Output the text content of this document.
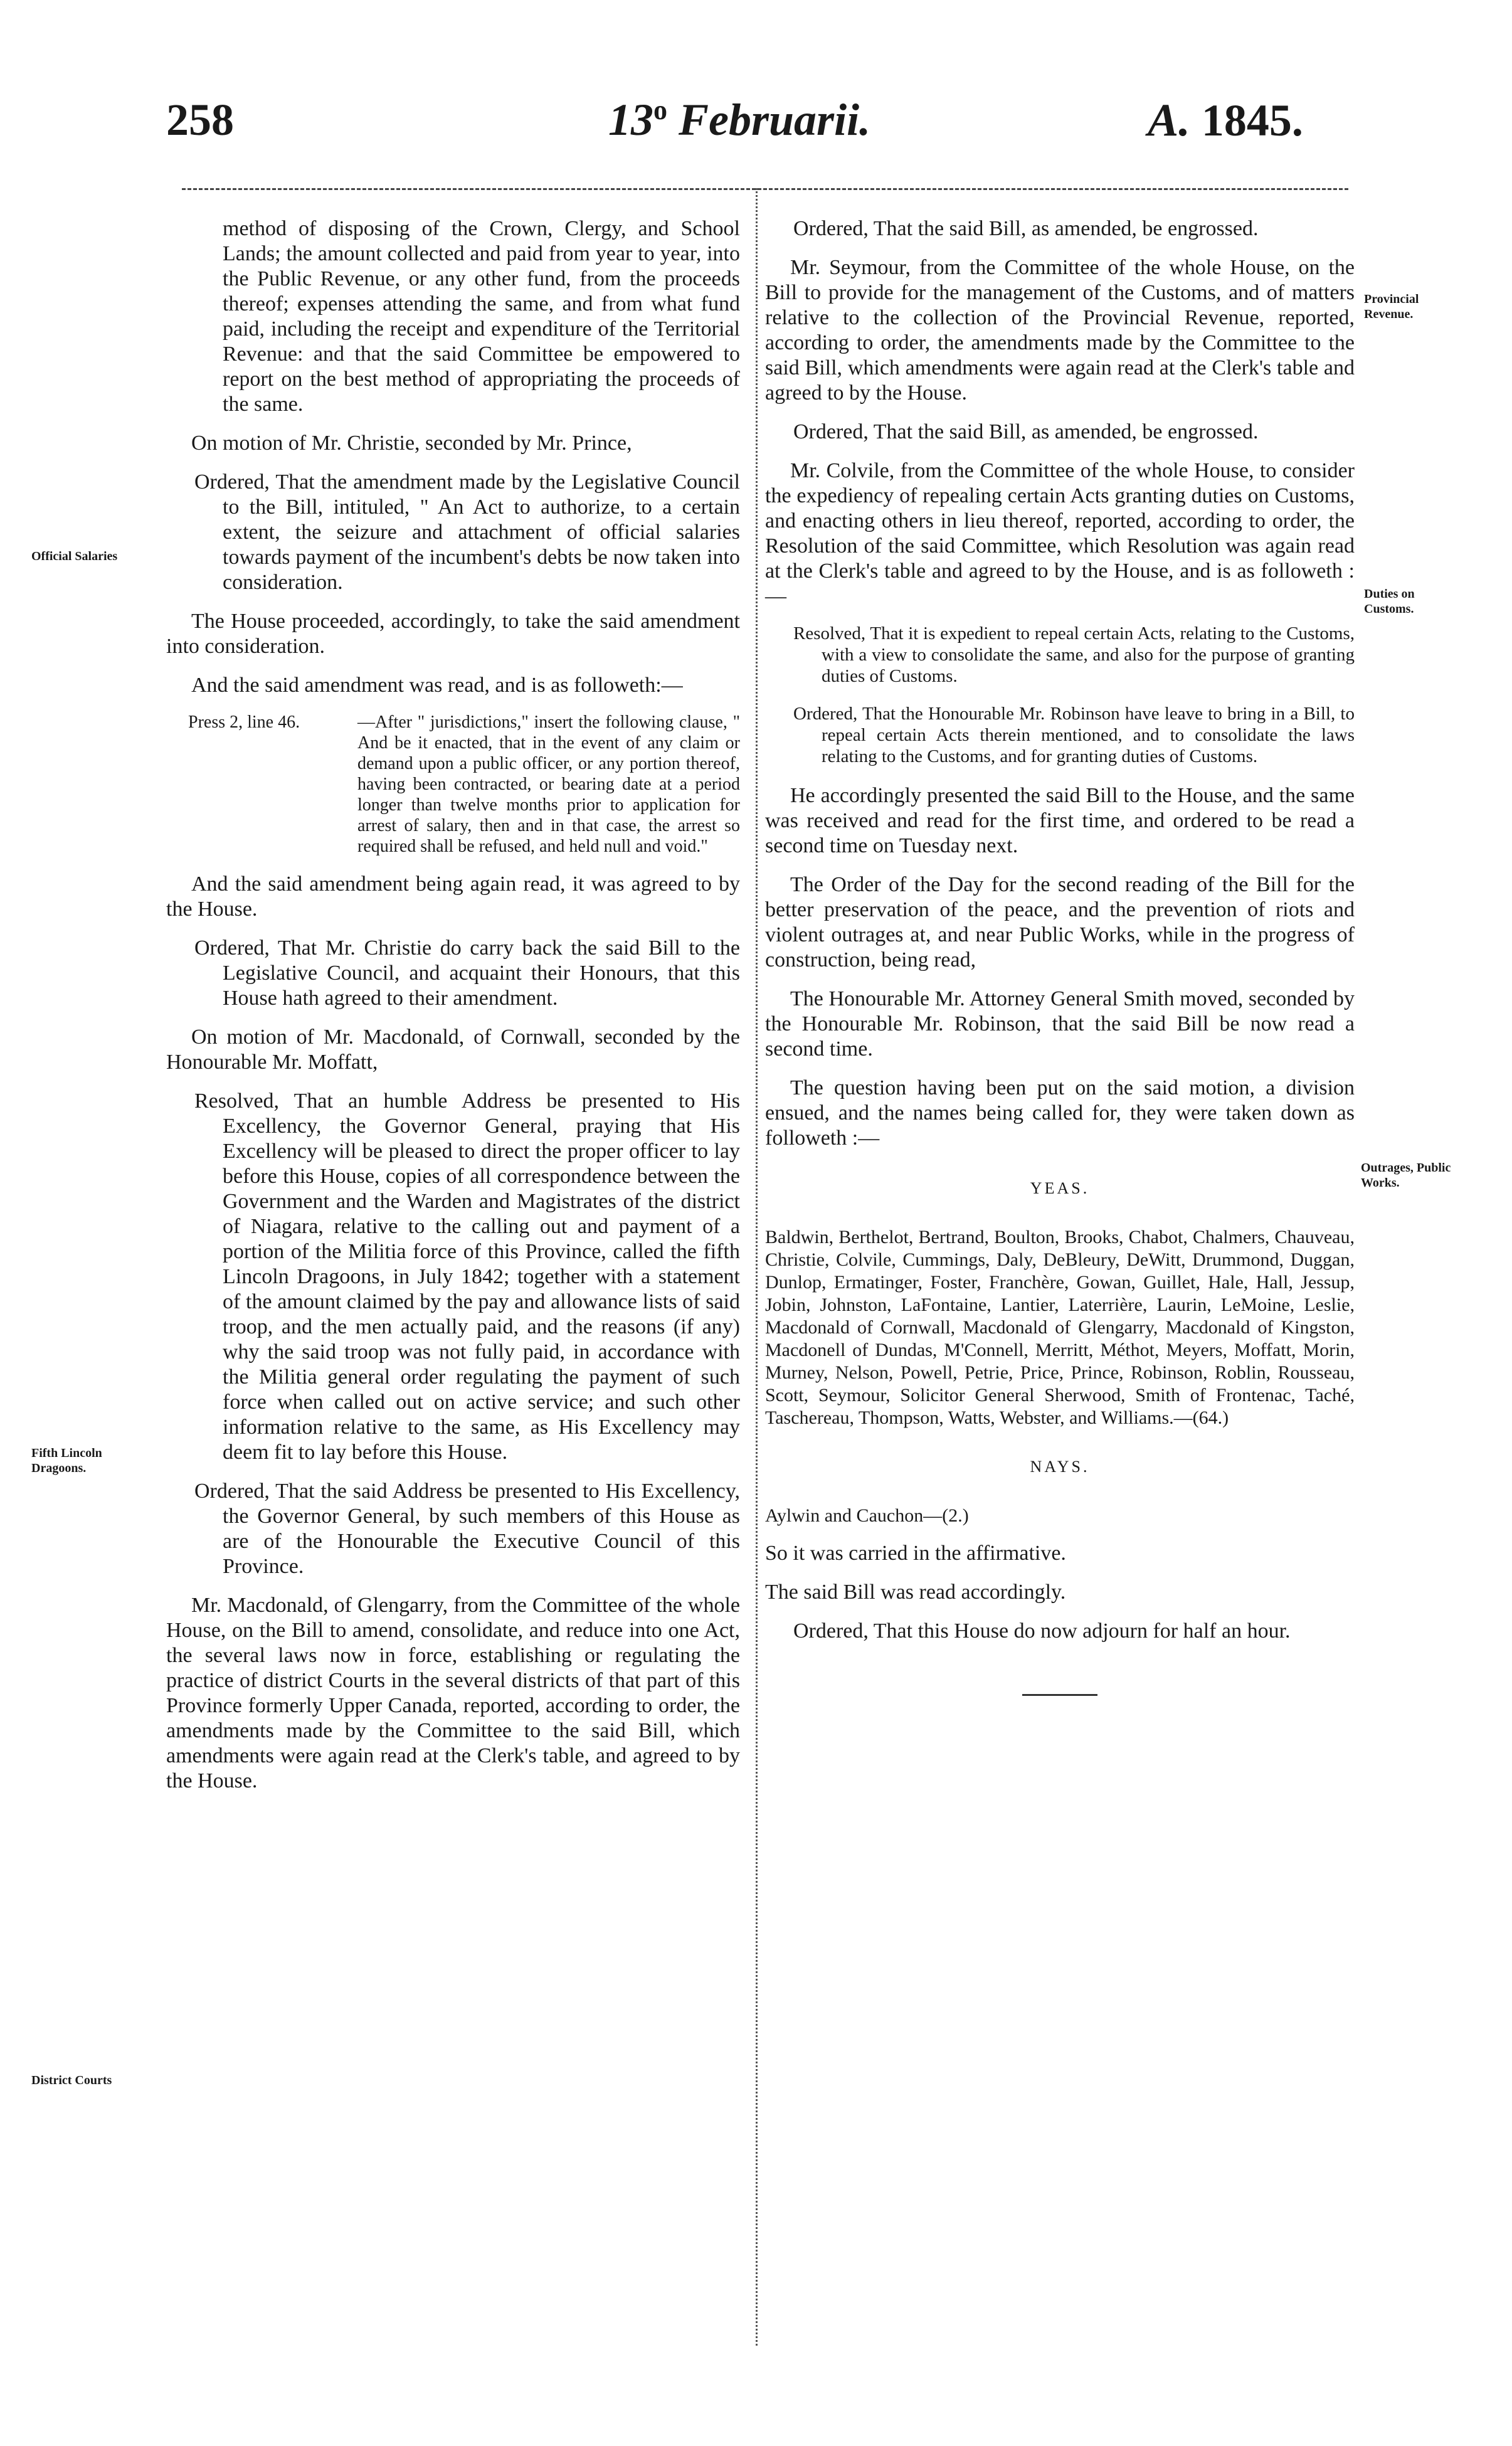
258	13$^o$ Februarii.	A. 1845.
Official Salaries
Fifth Lincoln Dragoons.
District Courts
Provincial Revenue.
Duties on Customs.
Outrages, Public Works.

method of disposing of the Crown, Clergy, and School Lands; the amount collected and paid from year to year, into the Public Revenue, or any other fund, from the proceeds thereof; expenses attending the same, and from what fund paid, including the receipt and expenditure of the Territorial Revenue: and that the said Committee be empowered to report on the best method of appropriating the proceeds of the same.

On motion of Mr. Christie, seconded by Mr. Prince,

Ordered, That the amendment made by the Legislative Council to the Bill, intituled, " An Act to authorize, to a certain extent, the seizure and attachment of official salaries towards payment of the incumbent's debts be now taken into consideration.

The House proceeded, accordingly, to take the said amendment into consideration.

And the said amendment was read, and is as followeth:—

Press 2, line 46.	—After " jurisdictions," insert the following clause, " And be it enacted, that in the event of any claim or demand upon a public officer, or any portion thereof, having been contracted, or bearing date at a period longer than twelve months prior to application for arrest of salary, then and in that case, the arrest so required shall be refused, and held null and void."

And the said amendment being again read, it was agreed to by the House.

Ordered, That Mr. Christie do carry back the said Bill to the Legislative Council, and acquaint their Honours, that this House hath agreed to their amendment.

On motion of Mr. Macdonald, of Cornwall, seconded by the Honourable Mr. Moffatt,

Resolved, That an humble Address be presented to His Excellency, the Governor General, praying that His Excellency will be pleased to direct the proper officer to lay before this House, copies of all correspondence between the Government and the Warden and Magistrates of the district of Niagara, relative to the calling out and payment of a portion of the Militia force of this Province, called the fifth Lincoln Dragoons, in July 1842; together with a statement of the amount claimed by the pay and allowance lists of said troop, and the men actually paid, and the reasons (if any) why the said troop was not fully paid, in accordance with the Militia general order regulating the payment of such force when called out on active service; and such other information relative to the same, as His Excellency may deem fit to lay before this House.

Ordered, That the said Address be presented to His Excellency, the Governor General, by such members of this House as are of the Honourable the Executive Council of this Province.

Mr. Macdonald, of Glengarry, from the Committee of the whole House, on the Bill to amend, consolidate, and reduce into one Act, the several laws now in force, establishing or regulating the practice of district Courts in the several districts of that part of this Province formerly Upper Canada, reported, according to order, the amendments made by the Committee to the said Bill, which amendments were again read at the Clerk's table, and agreed to by the House.

Ordered, That the said Bill, as amended, be engrossed.

Mr. Seymour, from the Committee of the whole House, on the Bill to provide for the management of the Customs, and of matters relative to the collection of the Provincial Revenue, reported, according to order, the amendments made by the Committee to the said Bill, which amendments were again read at the Clerk's table and agreed to by the House.

Ordered, That the said Bill, as amended, be engrossed.

Mr. Colvile, from the Committee of the whole House, to consider the expediency of repealing certain Acts granting duties on Customs, and enacting others in lieu thereof, reported, according to order, the Resolution of the said Committee, which Resolution was again read at the Clerk's table and agreed to by the House, and is as followeth :—

Resolved, That it is expedient to repeal certain Acts, relating to the Customs, with a view to consolidate the same, and also for the purpose of granting duties of Customs.

Ordered, That the Honourable Mr. Robinson have leave to bring in a Bill, to repeal certain Acts therein mentioned, and to consolidate the laws relating to the Customs, and for granting duties of Customs.

He accordingly presented the said Bill to the House, and the same was received and read for the first time, and ordered to be read a second time on Tuesday next.

The Order of the Day for the second reading of the Bill for the better preservation of the peace, and the prevention of riots and violent outrages at, and near Public Works, while in the progress of construction, being read,

The Honourable Mr. Attorney General Smith moved, seconded by the Honourable Mr. Robinson, that the said Bill be now read a second time.

The question having been put on the said motion, a division ensued, and the names being called for, they were taken down as followeth :—

YEAS.

Baldwin, Berthelot, Bertrand, Boulton, Brooks, Chabot, Chalmers, Chauveau, Christie, Colvile, Cummings, Daly, DeBleury, DeWitt, Drummond, Duggan, Dunlop, Ermatinger, Foster, Franchère, Gowan, Guillet, Hale, Hall, Jessup, Jobin, Johnston, LaFontaine, Lantier, Laterrière, Laurin, LeMoine, Leslie, Macdonald of Cornwall, Macdonald of Glengarry, Macdonald of Kingston, Macdonell of Dundas, M'Connell, Merritt, Méthot, Meyers, Moffatt, Morin, Murney, Nelson, Powell, Petrie, Price, Prince, Robinson, Roblin, Rousseau, Scott, Seymour, Solicitor General Sherwood, Smith of Frontenac, Taché, Taschereau, Thompson, Watts, Webster, and Williams.—(64.)

NAYS.

Aylwin and Cauchon—(2.)

So it was carried in the affirmative.

The said Bill was read accordingly.

Ordered, That this House do now adjourn for half an hour.
